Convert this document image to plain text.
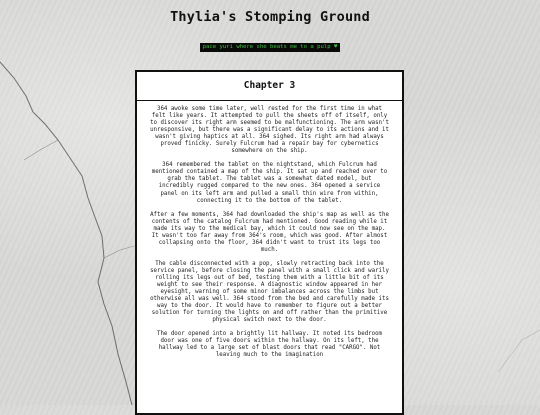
Thylia's Stomping Ground
pace yuri where she beats me to a pulp ♥
Chapter 3

364 awoke some time later, well rested for the first time in what felt like years. It attempted to pull the sheets off of itself, only to discover its right arm seemed to be malfunctioning. The arm wasn't unresponsive, but there was a significant delay to its actions and it wasn't giving haptics at all. 364 sighed. Its right arm had always proved finicky. Surely Fulcrum had a repair bay for cybernetics somewhere on the ship.

364 remembered the tablet on the nightstand, which Fulcrum had mentioned contained a map of the ship. It sat up and reached over to grab the tablet. The tablet was a somewhat dated model, but incredibly rugged compared to the new ones. 364 opened a service panel on its left arm and pulled a small thin wire from within, connecting it to the bottom of the tablet.

After a few moments, 364 had downloaded the ship's map as well as the contents of the catalog Fulcrum had mentioned. Good reading while it made its way to the medical bay, which it could now see on the map. It wasn't too far away from 364's room, which was good. After almost collapsing onto the floor, 364 didn't want to trust its legs too much.

The cable disconnected with a pop, slowly retracting back into the service panel, before closing the panel with a small click and warily rolling its legs out of bed, testing them with a little bit of its weight to see their response. A diagnostic window appeared in her eyesight, warning of some minor imbalances across the limbs but otherwise all was well. 364 stood from the bed and carefully made its way to the door. It would have to remember to figure out a better solution for turning the lights on and off rather than the primitive physical switch next to the door.

The door opened into a brightly lit hallway. It noted its bedroom door was one of five doors within the hallway. On its left, the hallway led to a large set of blast doors that read "CARGO". Not leaving much to the imagination
